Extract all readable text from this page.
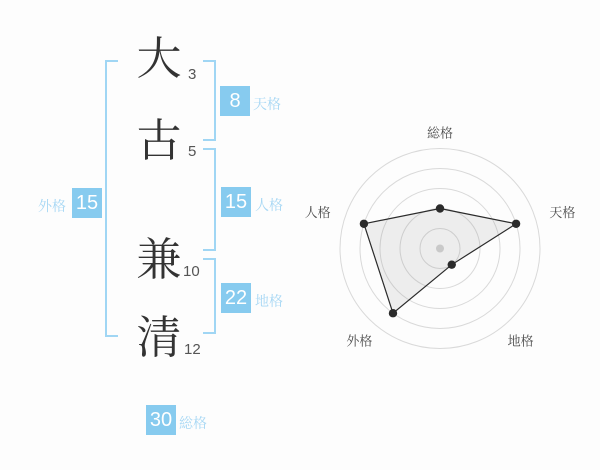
大
古
兼
清
3
5
10
12
外格 15
8 天格
15 人格
22 地格
30 総格
総格
天格
地格
外格
人格
